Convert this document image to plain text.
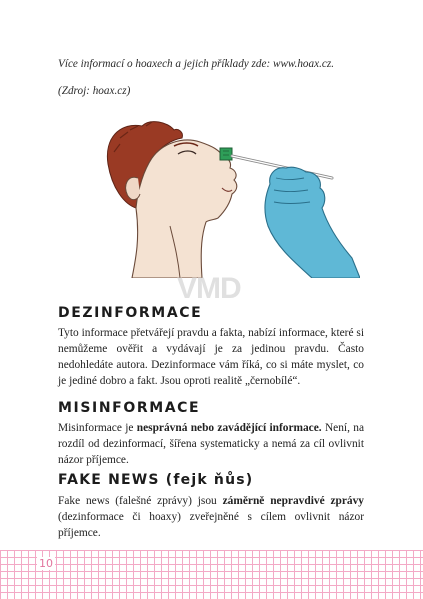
Více informací o hoaxech a jejich příklady zde: www.hoax.cz.

(Zdroj: hoax.cz)

VMD
DEZINFORMACE

Tyto informace přetvářejí pravdu a fakta, nabízí informace, které si nemůžeme ověřit a vydávají je za jedinou pravdu. Často nedohledáte autora. Dezinformace vám říká, co si máte myslet, co je jediné dobro a fakt. Jsou oproti realitě „černobílé“.

MISINFORMACE

Misinformace je nesprávná nebo zavádějící informace. Není, na rozdíl od dezinformací, šířena systematicky a nemá za cíl ovlivnit názor příjemce.

FAKE NEWS (fejk ňůs)

Fake news (falešné zprávy) jsou záměrně nepravdivé zprávy (dezinformace či hoaxy) zveřejněné s cílem ovlivnit názor příjemce.

10
